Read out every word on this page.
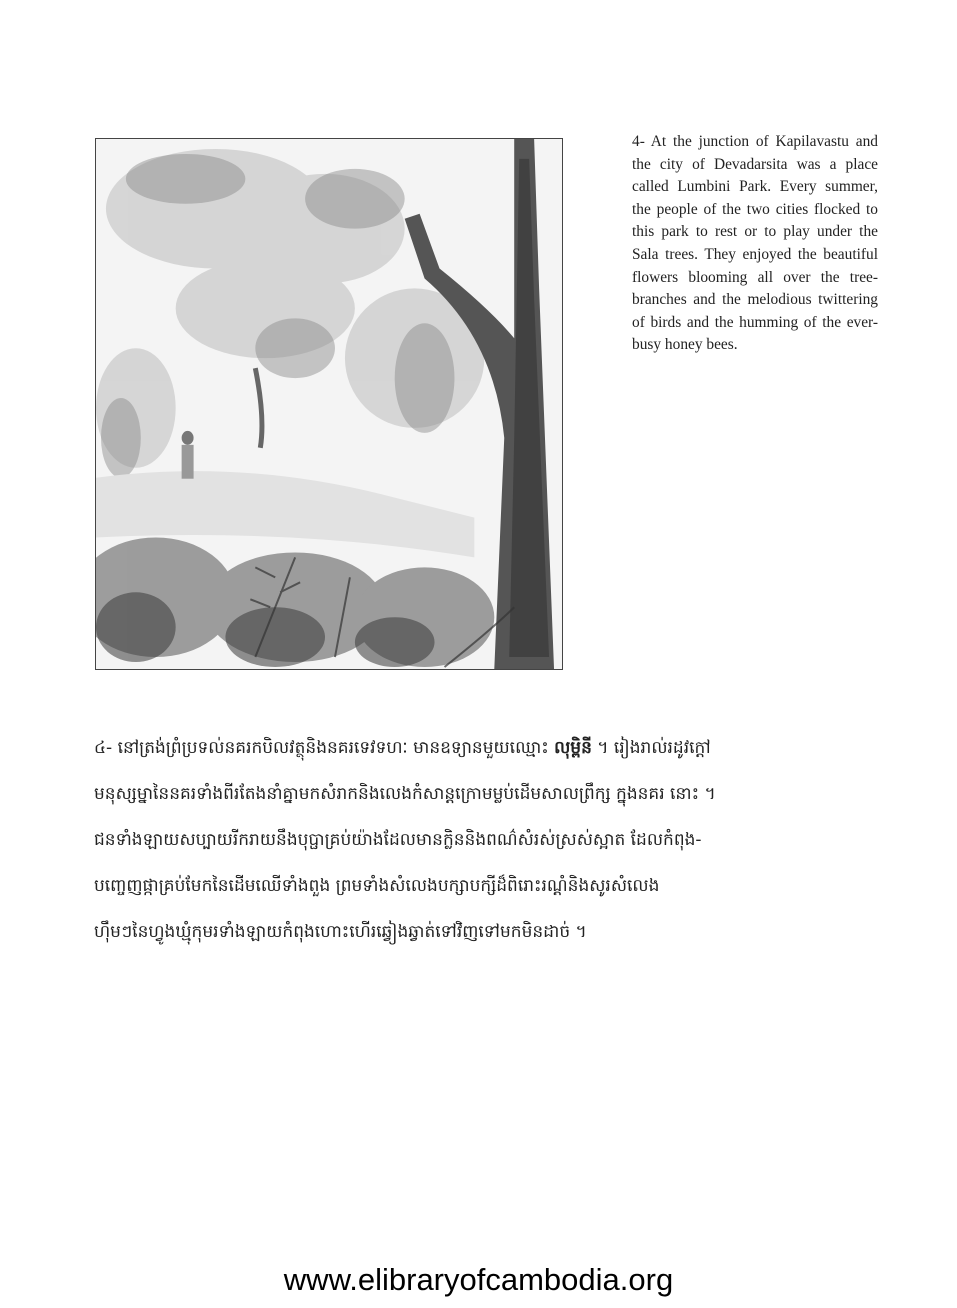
4- At the junction of Kapilavastu and the city of Devadarsita was a place called Lumbini Park. Every summer, the people of the two cities flocked to this park to rest or to play under the Sala trees. They enjoyed the beautiful flowers blooming all over the tree-branches and the melodious twittering of birds and the humming of the ever-busy honey bees.
៤- នៅត្រង់ព្រំប្រទល់នគរកបិលវត្ថុនិងនគរទេវទហៈ មានឧទ្យានមួយឈ្មោះ លុម្ពិនី ។ រៀងរាល់រដូវក្តៅ
មនុស្សម្នានៃនគរទាំងពីរតែងនាំគ្នាមកសំរាកនិងលេងកំសាន្តក្រោមម្លប់ដើមសាលព្រឹក្ស ក្នុងនគរ នោះ ។
ជនទាំងឡាយសប្បាយរីករាយនឹងបុប្ផាគ្រប់យ៉ាងដែលមានក្លិននិងពណ៌សំរស់ស្រស់ស្អាត ដែលកំពុង-
បញ្ចេញផ្កាគ្រប់មែកនៃដើមឈើទាំងពួង ព្រមទាំងសំលេងបក្សាបក្សីដ៏ពិរោះរណ្តំនិងសូរសំលេង
ហ៊ឹមៗនៃហ្វូងឃ្មុំកុមរទាំងឡាយកំពុងហោះហើរឆ្វៀងឆ្វាត់ទៅវិញទៅមកមិនដាច់ ។
www.elibraryofcambodia.org
